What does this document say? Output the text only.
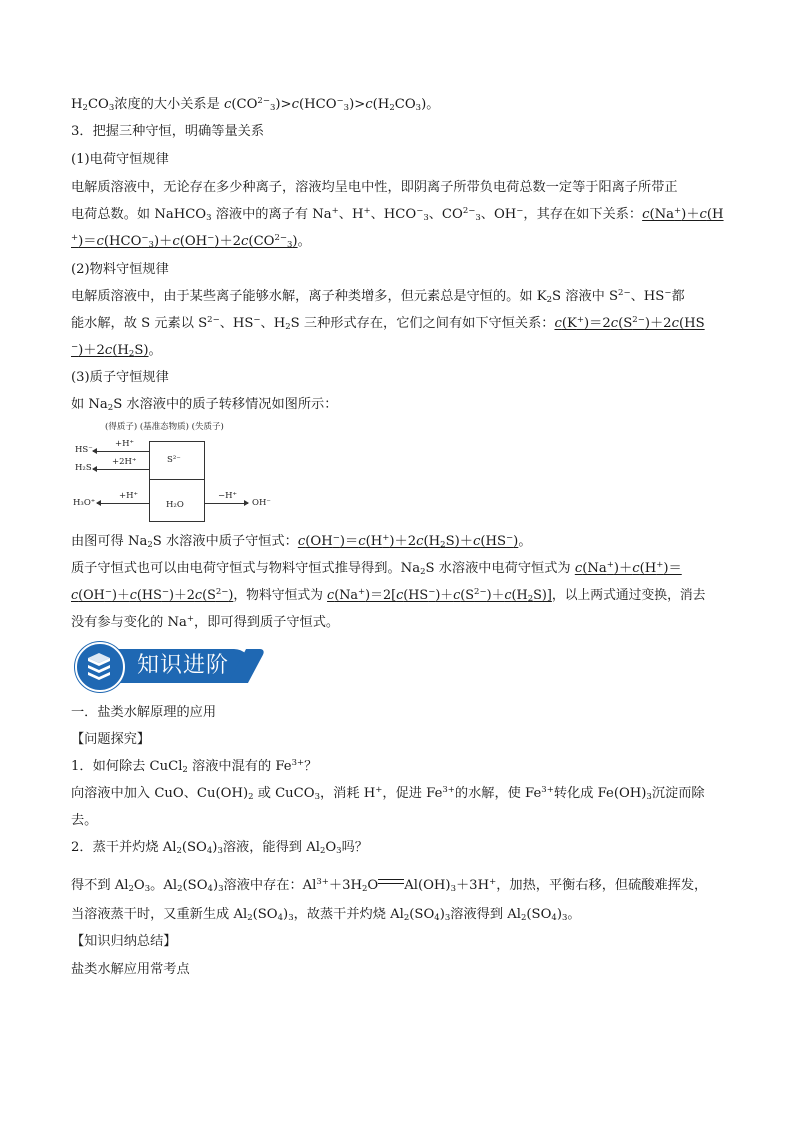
$H_2CO_3$浓度的大小关系是 $c(CO^{2-}_3)>c(HCO^-_3)>c(H_2CO_3)$。
3．把握三种守恒，明确等量关系
(1)电荷守恒规律
电解质溶液中，无论存在多少种离子，溶液均呈电中性，即阴离子所带负电荷总数一定等于阳离子所带正
电荷总数。如 NaHCO$_3$ 溶液中的离子有 Na+、H+、$HCO^-_3$、$CO^{2-}_3$、OH−，其存在如下关系：c(Na+)＋c(H
$^+)=c(HCO^-_3)+c(OH^-)+2c(CO^{2-}_3)$。
(2)物料守恒规律
电解质溶液中，由于某些离子能够水解，离子种类增多，但元素总是守恒的。如 $K_2S$ 溶液中 $S^{2-}$、HS−都
能水解，故 S 元素以 $S^{2-}$、HS−、$H_2S$ 三种形式存在，它们之间有如下守恒关系：$c(K^+)=2c(S^{2-})+2c(HS$
$^-)+2c(H_2S)$。
(3)质子守恒规律
如 $Na_2S$ 水溶液中的质子转移情况如图所示：
(得质子) (基准态物质) (失质子)
S²⁻
H₂O
HS⁻
+H⁺
H₂S
+2H⁺
H₃O⁺
+H⁺	−H⁺
OH⁻
由图可得 $Na_2S$ 水溶液中质子守恒式：$c(OH^-)=c(H^+)+2c(H_2S)+c(HS^-)$。
质子守恒式也可以由电荷守恒式与物料守恒式推导得到。$Na_2S$ 水溶液中电荷守恒式为 c(Na+)＋c(H+)＝
$c(OH^-)+c(HS^-)+2c(S^{2-})$，物料守恒式为 $c(Na^+)=2[c(HS^-)+c(S^{2-})+c(H_2S)]$，以上两式通过变换，消去
没有参与变化的 Na+，即可得到质子守恒式。
知识进阶
一．盐类水解原理的应用
【问题探究】
1．如何除去 CuCl$_2$ 溶液中混有的 $Fe^{3+}$？
向溶液中加入 CuO、$Cu(OH)_2$ 或 CuCO$_3$，消耗 H+，促进 $Fe^{3+}$的水解，使 $Fe^{3+}$转化成 $Fe(OH)_3$沉淀而除
去。
2．蒸干并灼烧 $Al_2(SO_4)_3$溶液，能得到 $Al_2O_3$吗？
得不到 $Al_2O_3$。$Al_2(SO_4)_3$溶液中存在：$Al^{3+}+3H_2O$ $Al(OH)_3+3H^+$，加热，平衡右移，但硫酸难挥发，
当溶液蒸干时，又重新生成 $Al_2(SO_4)_3$，故蒸干并灼烧 $Al_2(SO_4)_3$溶液得到 $Al_2(SO_4)_3$。
【知识归纳总结】
盐类水解应用常考点
